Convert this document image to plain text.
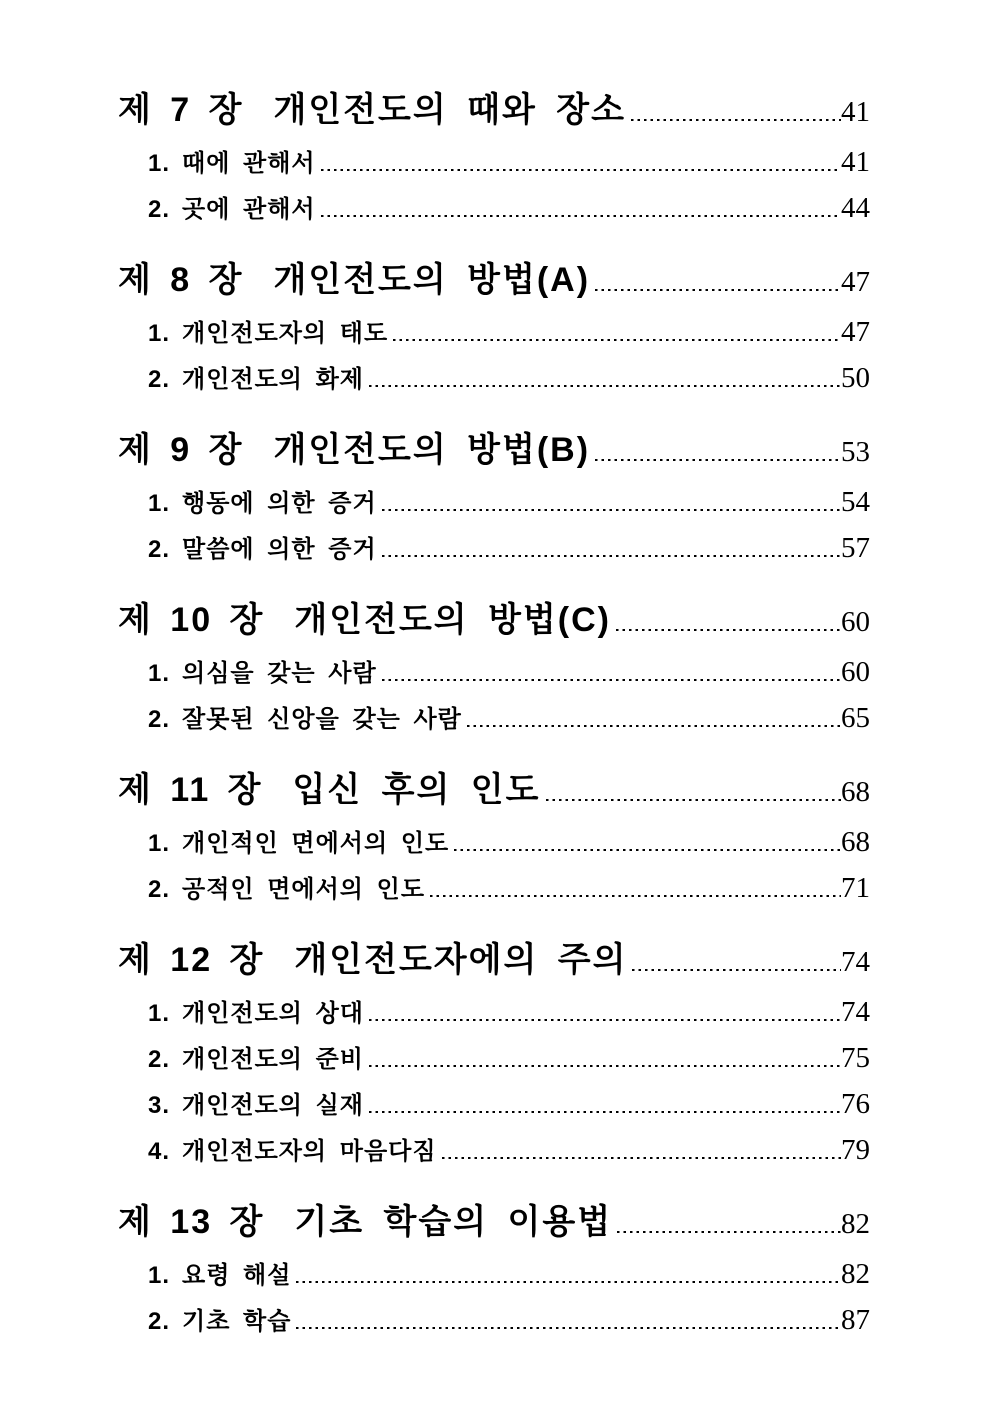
제 7 장 개인전도의 때와 장소	41
1. 때에 관해서	41
2. 곳에 관해서	44
제 8 장 개인전도의 방법(A)	47
1. 개인전도자의 태도	47
2. 개인전도의 화제	50
제 9 장 개인전도의 방법(B)	53
1. 행동에 의한 증거	54
2. 말씀에 의한 증거	57
제 10 장 개인전도의 방법(C)	60
1. 의심을 갖는 사람	60
2. 잘못된 신앙을 갖는 사람	65
제 11 장 입신 후의 인도	68
1. 개인적인 면에서의 인도	68
2. 공적인 면에서의 인도	71
제 12 장 개인전도자에의 주의	74
1. 개인전도의 상대	74
2. 개인전도의 준비	75
3. 개인전도의 실재	76
4. 개인전도자의 마음다짐	79
제 13 장 기초 학습의 이용법	82
1. 요령 해설	82
2. 기초 학습	87
